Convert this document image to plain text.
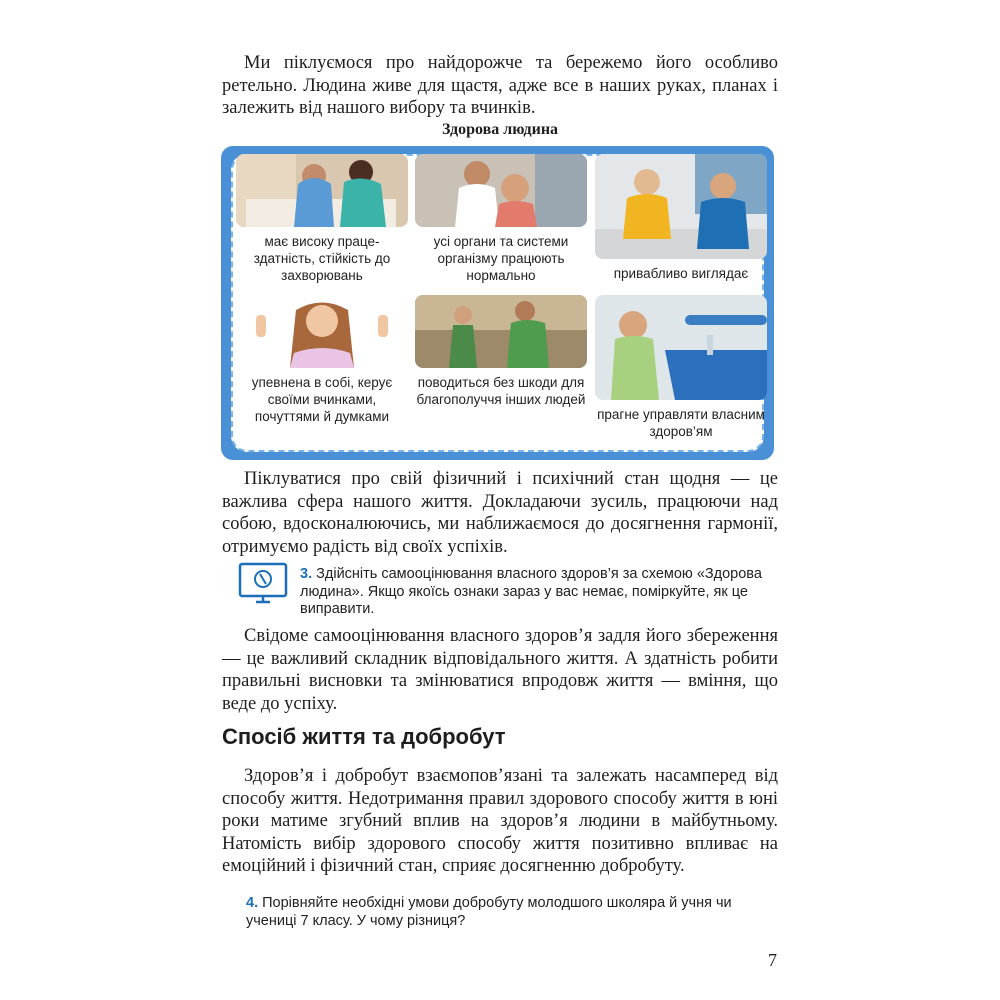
Ми піклуємося про найдорожче та бережемо його особливо ретельно. Людина живе для щастя, адже все в наших руках, планах і залежить від нашого вибору та вчинків.
Здорова людина
має високу праце-здатність, стійкість до захворювань
усі органи та системи організму працюють нормально	привабливо виглядає
упевнена в собі, керує своїми вчинками, почуттями й думками
поводиться без шкоди для благополуччя інших людей
прагне управляти власним здоров’ям
Піклуватися про свій фізичний і психічний стан щодня — це важлива сфера нашого життя. Докладаючи зусиль, працюючи над собою, вдосконалюючись, ми наближаємося до досягнення гармонії, отримуємо радість від своїх успіхів.
3. Здійсніть самооцінювання власного здоров’я за схемою «Здорова людина». Якщо якоїсь ознаки зараз у вас немає, поміркуйте, як це виправити.
Свідоме самооцінювання власного здоров’я задля його збереження — це важливий складник відповідального життя. А здатність робити правильні висновки та змінюватися впродовж життя — вміння, що веде до успіху.
Спосіб життя та добробут
Здоров’я і добробут взаємопов’язані та залежать насамперед від способу життя. Недотримання правил здорового способу життя в юні роки матиме згубний вплив на здоров’я людини в майбутньому. Натомість вибір здорового способу життя позитивно впливає на емоційний і фізичний стан, сприяє досягненню добробуту.
4. Порівняйте необхідні умови добробуту молодшого школяра й учня чи учениці 7 класу. У чому різниця?
7
